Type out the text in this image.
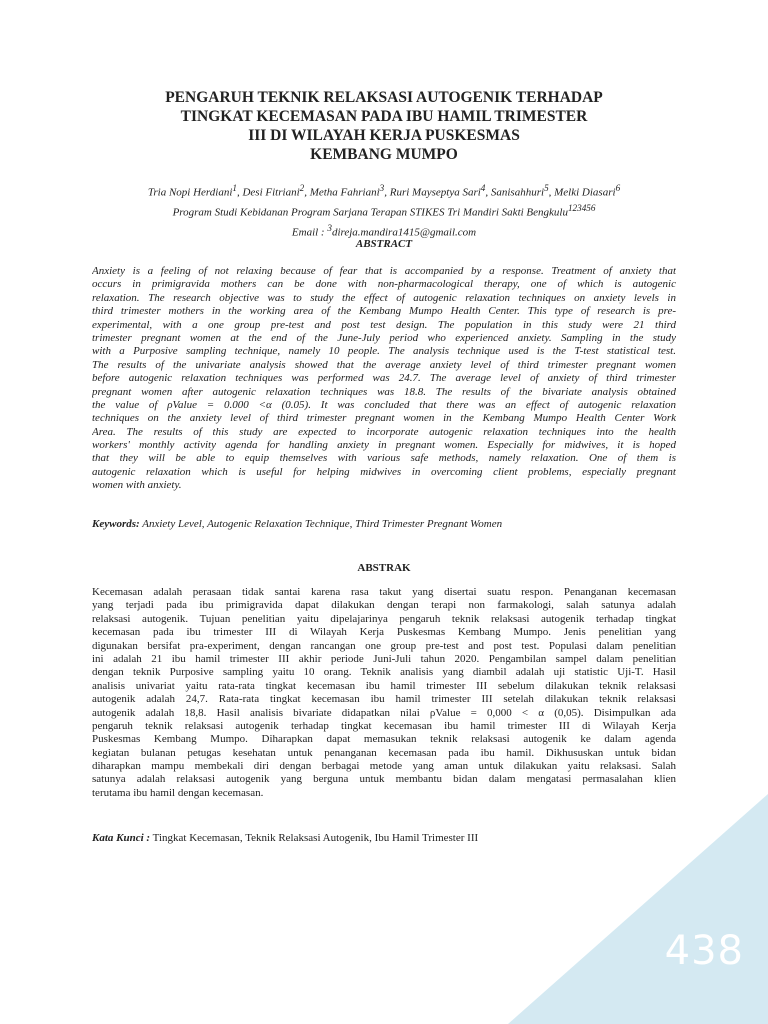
PENGARUH TEKNIK RELAKSASI AUTOGENIK TERHADAP
TINGKAT KECEMASAN PADA IBU HAMIL TRIMESTER
III DI WILAYAH KERJA PUSKESMAS
KEMBANG MUMPO
Tria Nopi Herdiani$^1$, Desi Fitriani$^2$, Metha Fahriani$^3$, Ruri Mayseptya Sari$^4$, Sanisahhuri$^5$, Melki Diasari$^6$
Program Studi Kebidanan Program Sarjana Terapan STIKES Tri Mandiri Sakti Bengkulu$^{123456}$
Email : $^3$direja.mandira1415@gmail.com
ABSTRACT
Anxiety is a feeling of not relaxing because of fear that is accompanied by a response. Treatment of anxiety that
occurs in primigravida mothers can be done with non-pharmacological therapy, one of which is autogenic
relaxation. The research objective was to study the effect of autogenic relaxation techniques on anxiety levels in
third trimester mothers in the working area of the Kembang Mumpo Health Center. This type of research is pre-
experimental, with a one group pre-test and post test design. The population in this study were 21 third
trimester pregnant women at the end of the June-July period who experienced anxiety. Sampling in the study
with a Purposive sampling technique, namely 10 people. The analysis technique used is the T-test statistical test.
The results of the univariate analysis showed that the average anxiety level of third trimester pregnant women
before autogenic relaxation techniques was performed was 24.7. The average level of anxiety of third trimester
pregnant women after autogenic relaxation techniques was 18.8. The results of the bivariate analysis obtained
the value of ρValue = 0.000 <α (0.05). It was concluded that there was an effect of autogenic relaxation
techniques on the anxiety level of third trimester pregnant women in the Kembang Mumpo Health Center Work
Area. The results of this study are expected to incorporate autogenic relaxation techniques into the health
workers' monthly activity agenda for handling anxiety in pregnant women. Especially for midwives, it is hoped
that they will be able to equip themselves with various safe methods, namely relaxation. One of them is
autogenic relaxation which is useful for helping midwives in overcoming client problems, especially pregnant
women with anxiety.
Keywords: Anxiety Level, Autogenic Relaxation Technique, Third Trimester Pregnant Women
ABSTRAK
Kecemasan adalah perasaan tidak santai karena rasa takut yang disertai suatu respon. Penanganan kecemasan
yang terjadi pada ibu primigravida dapat dilakukan dengan terapi non farmakologi, salah satunya adalah
relaksasi autogenik. Tujuan penelitian yaitu dipelajarinya pengaruh teknik relaksasi autogenik terhadap tingkat
kecemasan pada ibu trimester III di Wilayah Kerja Puskesmas Kembang Mumpo. Jenis penelitian yang
digunakan bersifat pra-experiment, dengan rancangan one group pre-test and post test. Populasi dalam penelitian
ini adalah 21 ibu hamil trimester III akhir periode Juni-Juli tahun 2020. Pengambilan sampel dalam penelitian
dengan teknik Purposive sampling yaitu 10 orang. Teknik analisis yang diambil adalah uji statistic Uji-T. Hasil
analisis univariat yaitu rata-rata tingkat kecemasan ibu hamil trimester III sebelum dilakukan teknik relaksasi
autogenik adalah 24,7. Rata-rata tingkat kecemasan ibu hamil trimester III setelah dilakukan teknik relaksasi
autogenik adalah 18,8. Hasil analisis bivariate didapatkan nilai ρValue = 0,000 < α (0,05). Disimpulkan ada
pengaruh teknik relaksasi autogenik terhadap tingkat kecemasan ibu hamil trimester III di Wilayah Kerja
Puskesmas Kembang Mumpo. Diharapkan dapat memasukan teknik relaksasi autogenik ke dalam agenda
kegiatan bulanan petugas kesehatan untuk penanganan kecemasan pada ibu hamil. Dikhususkan untuk bidan
diharapkan mampu membekali diri dengan berbagai metode yang aman untuk dilakukan yaitu relaksasi. Salah
satunya adalah relaksasi autogenik yang berguna untuk membantu bidan dalam mengatasi permasalahan klien
terutama ibu hamil dengan kecemasan.
Kata Kunci : Tingkat Kecemasan, Teknik Relaksasi Autogenik, Ibu Hamil Trimester III
438
